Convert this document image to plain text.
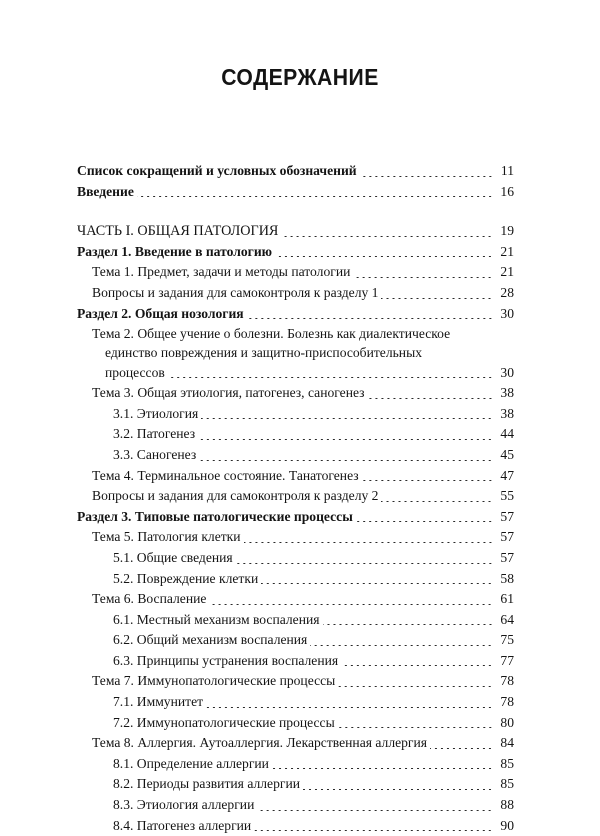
СОДЕРЖАНИЕ
Список сокращений и условных обозначений	11
Введение	16
ЧАСТЬ I. ОБЩАЯ ПАТОЛОГИЯ	19
Раздел 1. Введение в патологию	21
Тема 1. Предмет, задачи и методы патологии	21
Вопросы и задания для самоконтроля к разделу 1	28
Раздел 2. Общая нозология	30
Тема 2. Общее учение о болезни. Болезнь как диалектическое
единство повреждения и защитно-приспособительных
процессов	30
Тема 3. Общая этиология, патогенез, саногенез	38
3.1. Этиология	38
3.2. Патогенез	44
3.3. Саногенез	45
Тема 4. Терминальное состояние. Танатогенез	47
Вопросы и задания для самоконтроля к разделу 2	55
Раздел 3. Типовые патологические процессы	57
Тема 5. Патология клетки	57
5.1. Общие сведения	57
5.2. Повреждение клетки	58
Тема 6. Воспаление	61
6.1. Местный механизм воспаления	64
6.2. Общий механизм воспаления	75
6.3. Принципы устранения воспаления	77
Тема 7. Иммунопатологические процессы	78
7.1. Иммунитет	78
7.2. Иммунопатологические процессы	80
Тема 8. Аллергия. Аутоаллергия. Лекарственная аллергия	84
8.1. Определение аллергии	85
8.2. Периоды развития аллергии	85
8.3. Этиология аллергии	88
8.4. Патогенез аллергии	90
